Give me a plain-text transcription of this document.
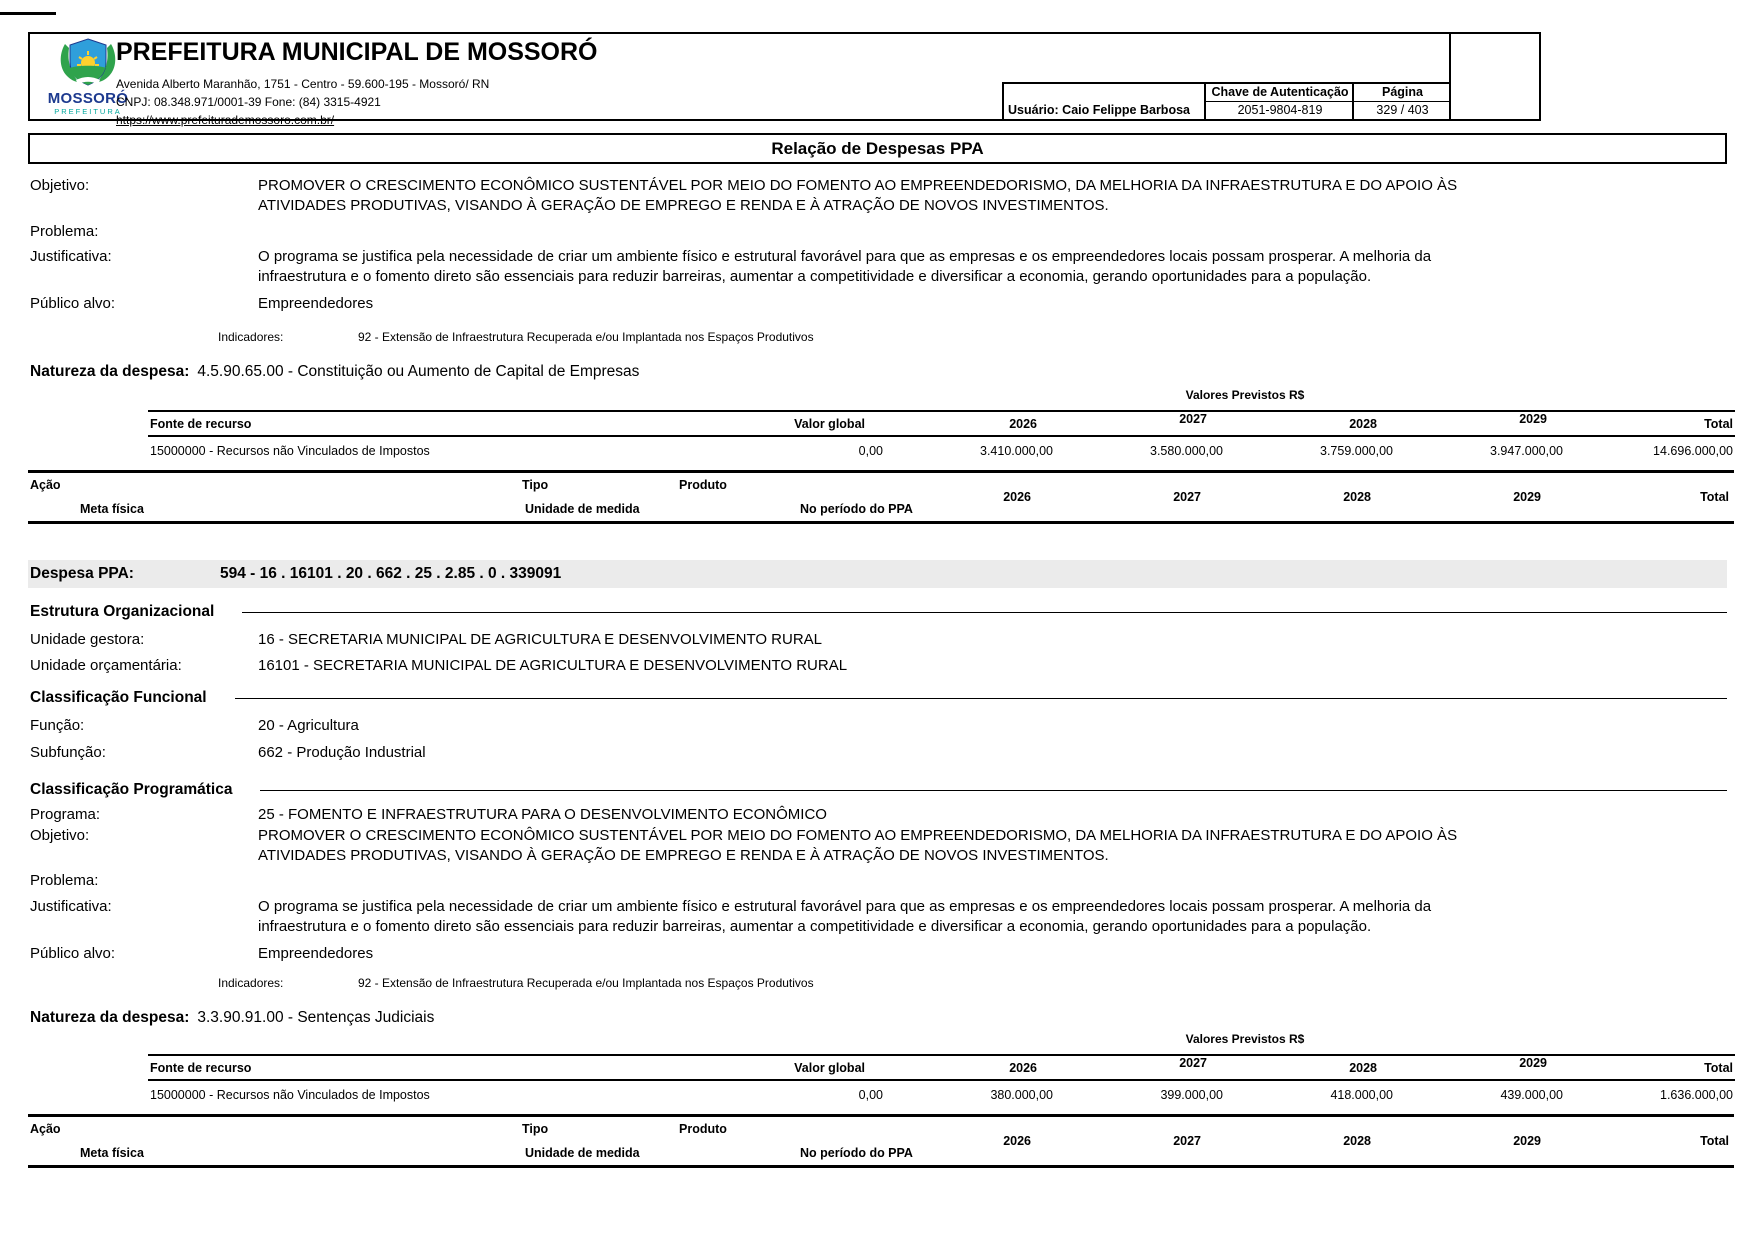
MOSSORÓ
PREFEITURA
PREFEITURA MUNICIPAL DE MOSSORÓ
Avenida Alberto Maranhão, 1751 - Centro - 59.600-195 - Mossoró/ RN
CNPJ: 08.348.971/0001-39 Fone: (84) 3315-4921
https://www.prefeiturademossoro.com.br/
Usuário: Caio Felippe Barbosa
Chave de Autenticação
2051-9804-819
Página
329 / 403
Relação de Despesas PPA
Objetivo:	PROMOVER O CRESCIMENTO ECONÔMICO SUSTENTÁVEL POR MEIO DO FOMENTO AO EMPREENDEDORISMO, DA MELHORIA DA INFRAESTRUTURA E DO APOIO ÀS ATIVIDADES PRODUTIVAS, VISANDO À GERAÇÃO DE EMPREGO E RENDA E À ATRAÇÃO DE NOVOS INVESTIMENTOS.
Problema:
Justificativa:	O programa se justifica pela necessidade de criar um ambiente físico e estrutural favorável para que as empresas e os empreendedores locais possam prosperar. A melhoria da infraestrutura e o fomento direto são essenciais para reduzir barreiras, aumentar a competitividade e diversificar a economia, gerando oportunidades para a população.
Público alvo:	Empreendedores
Indicadores:	92 - Extensão de Infraestrutura Recuperada e/ou Implantada nos Espaços Produtivos
Natureza da despesa: 4.5.90.65.00 - Constituição ou Aumento de Capital de Empresas
Valores Previstos R$
Fonte de recurso	Valor global	2026	2027	2028	2029	Total
15000000 - Recursos não Vinculados de Impostos	0,00	3.410.000,00	3.580.000,00	3.759.000,00	3.947.000,00	14.696.000,00
Ação	Tipo	Produto
Meta física	Unidade de medida	No período do PPA
2026	2027	2028	2029	Total
Despesa PPA:	594 - 16 . 16101 . 20 . 662 . 25 . 2.85 . 0 . 339091
Estrutura Organizacional
Unidade gestora:	16 - SECRETARIA MUNICIPAL DE AGRICULTURA E DESENVOLVIMENTO RURAL
Unidade orçamentária:	16101 - SECRETARIA MUNICIPAL DE AGRICULTURA E DESENVOLVIMENTO RURAL
Classificação Funcional
Função:	20 - Agricultura
Subfunção:	662 - Produção Industrial
Classificação Programática
Programa:	25 - FOMENTO E INFRAESTRUTURA PARA O DESENVOLVIMENTO ECONÔMICO
Objetivo:	PROMOVER O CRESCIMENTO ECONÔMICO SUSTENTÁVEL POR MEIO DO FOMENTO AO EMPREENDEDORISMO, DA MELHORIA DA INFRAESTRUTURA E DO APOIO ÀS ATIVIDADES PRODUTIVAS, VISANDO À GERAÇÃO DE EMPREGO E RENDA E À ATRAÇÃO DE NOVOS INVESTIMENTOS.
Problema:
Justificativa:	O programa se justifica pela necessidade de criar um ambiente físico e estrutural favorável para que as empresas e os empreendedores locais possam prosperar. A melhoria da infraestrutura e o fomento direto são essenciais para reduzir barreiras, aumentar a competitividade e diversificar a economia, gerando oportunidades para a população.
Público alvo:	Empreendedores
Indicadores:	92 - Extensão de Infraestrutura Recuperada e/ou Implantada nos Espaços Produtivos
Natureza da despesa: 3.3.90.91.00 - Sentenças Judiciais
Valores Previstos R$
Fonte de recurso	Valor global	2026	2027	2028	2029	Total
15000000 - Recursos não Vinculados de Impostos	0,00	380.000,00	399.000,00	418.000,00	439.000,00	1.636.000,00
Ação	Tipo	Produto
Meta física	Unidade de medida	No período do PPA
2026	2027	2028	2029	Total
